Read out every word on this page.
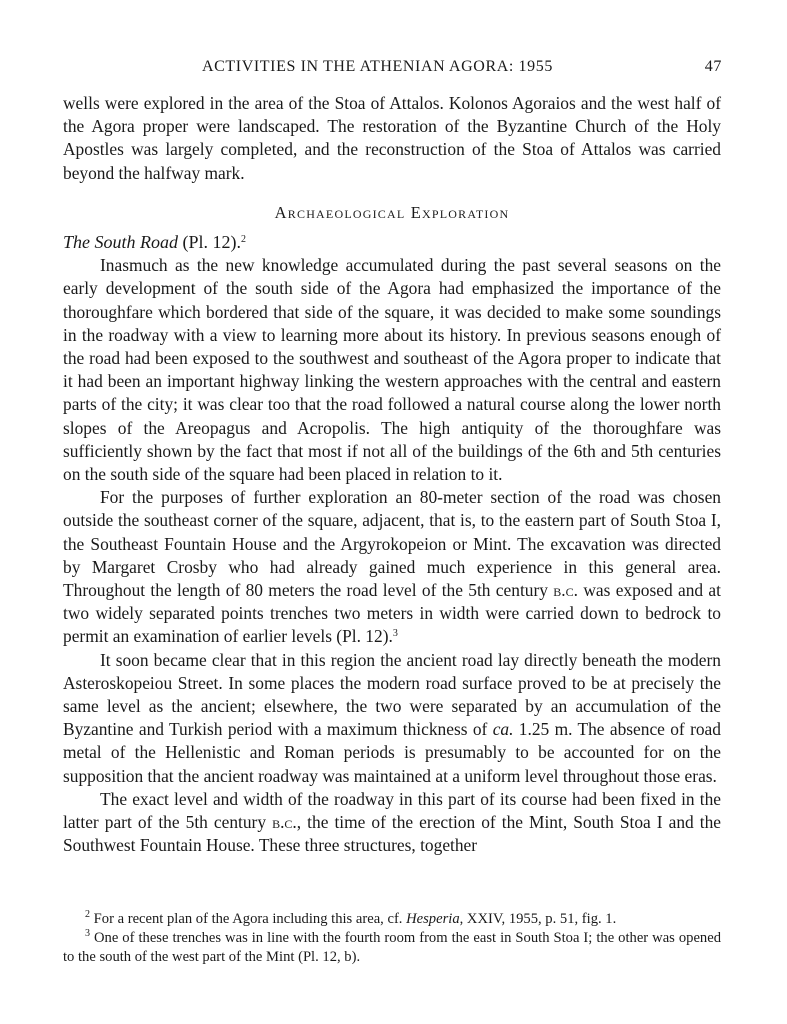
ACTIVITIES IN THE ATHENIAN AGORA: 1955	47

wells were explored in the area of the Stoa of Attalos. Kolonos Agoraios and the west half of the Agora proper were landscaped. The restoration of the Byzantine Church of the Holy Apostles was largely completed, and the reconstruction of the Stoa of Attalos was carried beyond the halfway mark.

Archaeological Exploration
The South Road (Pl. 12).$^2$

Inasmuch as the new knowledge accumulated during the past several seasons on the early development of the south side of the Agora had emphasized the importance of the thoroughfare which bordered that side of the square, it was decided to make some soundings in the roadway with a view to learning more about its history. In previous seasons enough of the road had been exposed to the southwest and southeast of the Agora proper to indicate that it had been an important highway linking the western approaches with the central and eastern parts of the city; it was clear too that the road followed a natural course along the lower north slopes of the Areopagus and Acropolis. The high antiquity of the thoroughfare was sufficiently shown by the fact that most if not all of the buildings of the 6th and 5th centuries on the south side of the square had been placed in relation to it.

For the purposes of further exploration an 80-meter section of the road was chosen outside the southeast corner of the square, adjacent, that is, to the eastern part of South Stoa I, the Southeast Fountain House and the Argyrokopeion or Mint. The excavation was directed by Margaret Crosby who had already gained much experience in this general area. Throughout the length of 80 meters the road level of the 5th century b.c. was exposed and at two widely separated points trenches two meters in width were carried down to bedrock to permit an examination of earlier levels (Pl. 12).$^3$

It soon became clear that in this region the ancient road lay directly beneath the modern Asteroskopeiou Street. In some places the modern road surface proved to be at precisely the same level as the ancient; elsewhere, the two were separated by an accumulation of the Byzantine and Turkish period with a maximum thickness of ca. 1.25 m. The absence of road metal of the Hellenistic and Roman periods is presumably to be accounted for on the supposition that the ancient roadway was maintained at a uniform level throughout those eras.

The exact level and width of the roadway in this part of its course had been fixed in the latter part of the 5th century b.c., the time of the erection of the Mint, South Stoa I and the Southwest Fountain House. These three structures, together

$^2$ For a recent plan of the Agora including this area, cf. Hesperia, XXIV, 1955, p. 51, fig. 1.

$^3$ One of these trenches was in line with the fourth room from the east in South Stoa I; the other was opened to the south of the west part of the Mint (Pl. 12, b).
